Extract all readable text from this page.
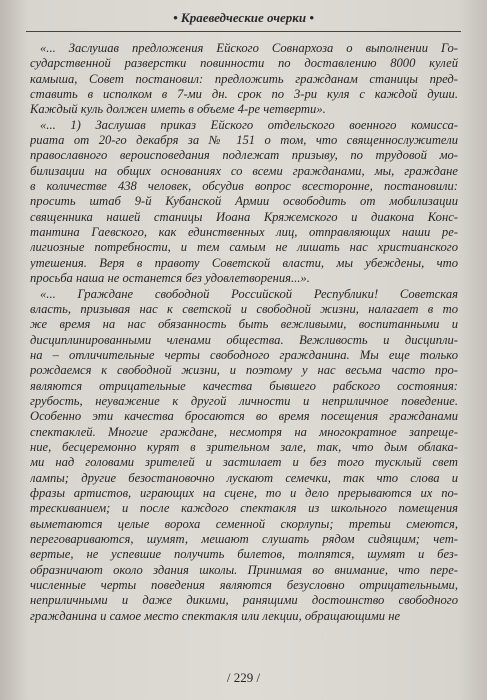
• Краеведческие очерки •
«... Заслушав предложения Ейского Совнархоза о выполнении Го-
сударственной разверстки повинности по доставлению 8000 кулей
камыша, Совет постановил: предложить гражданам станицы пред-
ставить в исполком в 7-ми дн. срок по 3-ри куля с каждой души.
Каждый куль должен иметь в объеме 4-ре четверти».
«... 1) Заслушав приказ Ейского отдельского военного комисса-
риата от 20-го декабря за № 151 о том, что священнослужители
православного вероисповедания подлежат призыву, по трудовой мо-
билизации на общих основаниях со всеми гражданами, мы, граждане
в количестве 438 человек, обсудив вопрос всесторонне, постановили:
просить штаб 9-й Кубанской Армии освободить от мобилизации
священника нашей станицы Иоана Кряжемского и диакона Конс-
тантина Гаевского, как единственных лиц, отправляющих наши ре-
лигиозные потребности, и тем самым не лишать нас христианского
утешения. Веря в правоту Советской власти, мы убеждены, что
просьба наша не останется без удовлетворения...».
«... Граждане свободной Российской Республики! Советская
власть, призывая нас к светской и свободной жизни, налагает в то
же время на нас обязанность быть вежливыми, воспитанными и
дисциплинированными членами общества. Вежливость и дисципли-
на – отличительные черты свободного гражданина. Мы еще только
рождаемся к свободной жизни, и поэтому у нас весьма часто про-
являются отрицательные качества бывшего рабского состояния:
грубость, неуважение к другой личности и неприличное поведение.
Особенно эти качества бросаются во время посещения гражданами
спектаклей. Многие граждане, несмотря на многократное запреще-
ние, бесцеремонно курят в зрительном зале, так, что дым облака-
ми над головами зрителей и застилает и без того тусклый свет
лампы; другие безостановочно лускают семечки, так что слова и
фразы артистов, играющих на сцене, то и дело прерываются их по-
трескиванием; и после каждого спектакля из школьного помещения
выметаются целые вороха семенной скорлупы; третьи смеются,
переговариваются, шумят, мешают слушать рядом сидящим; чет-
вертые, не успевшие получить билетов, толпятся, шумят и без-
образничают около здания школы. Принимая во внимание, что пере-
численные черты поведения являются безусловно отрицательными,
неприличными и даже дикими, ранящими достоинство свободного
гражданина и самое место спектакля или лекции, обращающими не
/ 229 /
